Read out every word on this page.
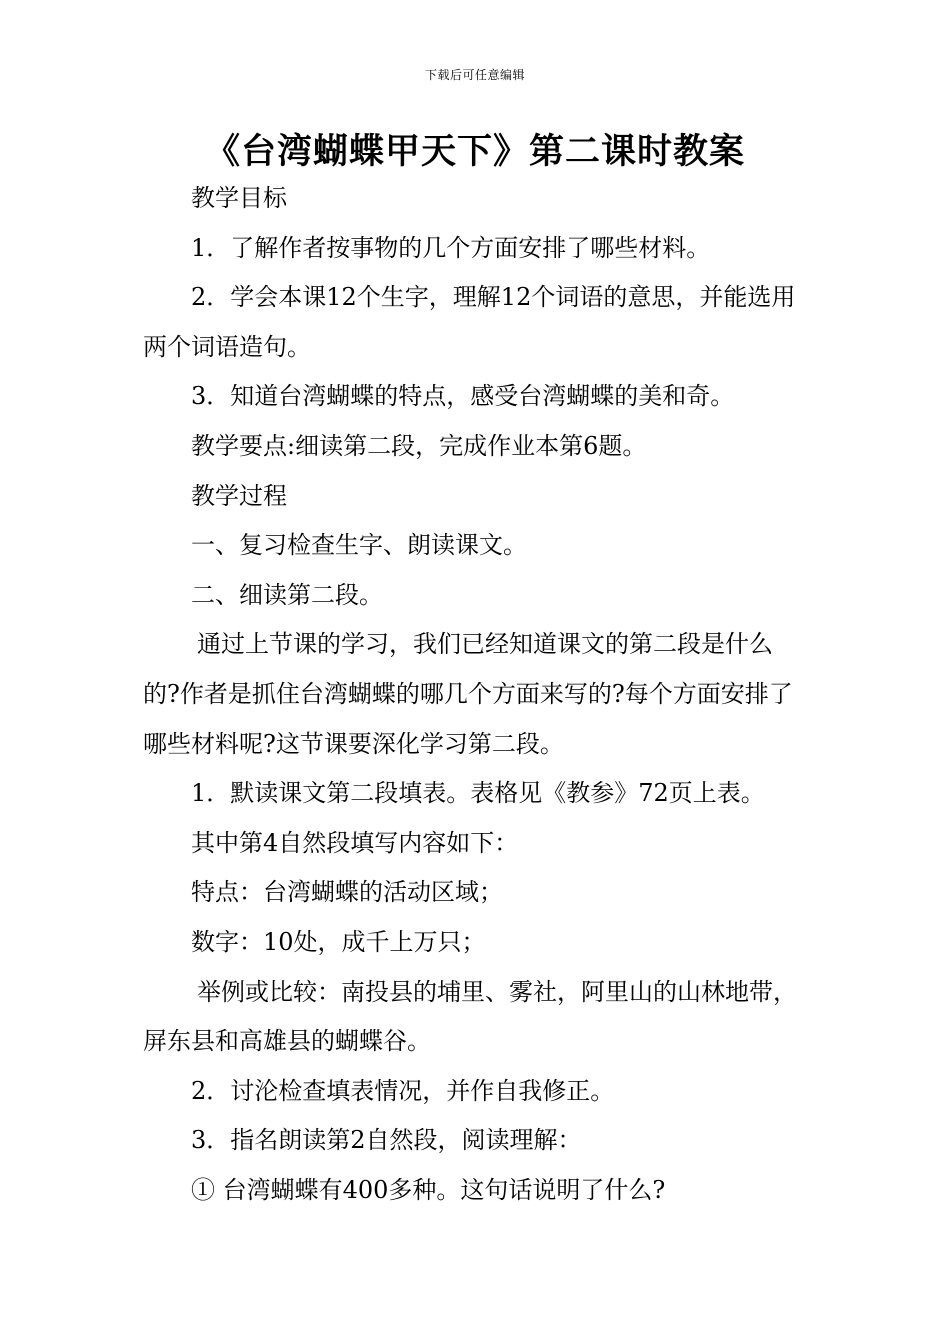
下载后可任意编辑
《台湾蝴蝶甲天下》第二课时教案

教学目标

1．了解作者按事物的几个方面安排了哪些材料。

2．学会本课12个生字，理解12个词语的意思，并能选用两个词语造句。

3．知道台湾蝴蝶的特点，感受台湾蝴蝶的美和奇。

教学要点:细读第二段，完成作业本第6题。

教学过程

一、复习检查生字、朗读课文。

二、细读第二段。

通过上节课的学习，我们已经知道课文的第二段是什么的?作者是抓住台湾蝴蝶的哪几个方面来写的?每个方面安排了哪些材料呢?这节课要深化学习第二段。

1．默读课文第二段填表。表格见《教参》72页上表。

其中第4自然段填写内容如下：

特点：台湾蝴蝶的活动区域；

数字：10处，成千上万只；

举例或比较：南投县的埔里、雾社，阿里山的山林地带，屏东县和高雄县的蝴蝶谷。

2．讨沦检查填表情况，并作自我修正。

3．指名朗读第2自然段，阅读理解：

① 台湾蝴蝶有400多种。这句话说明了什么?
